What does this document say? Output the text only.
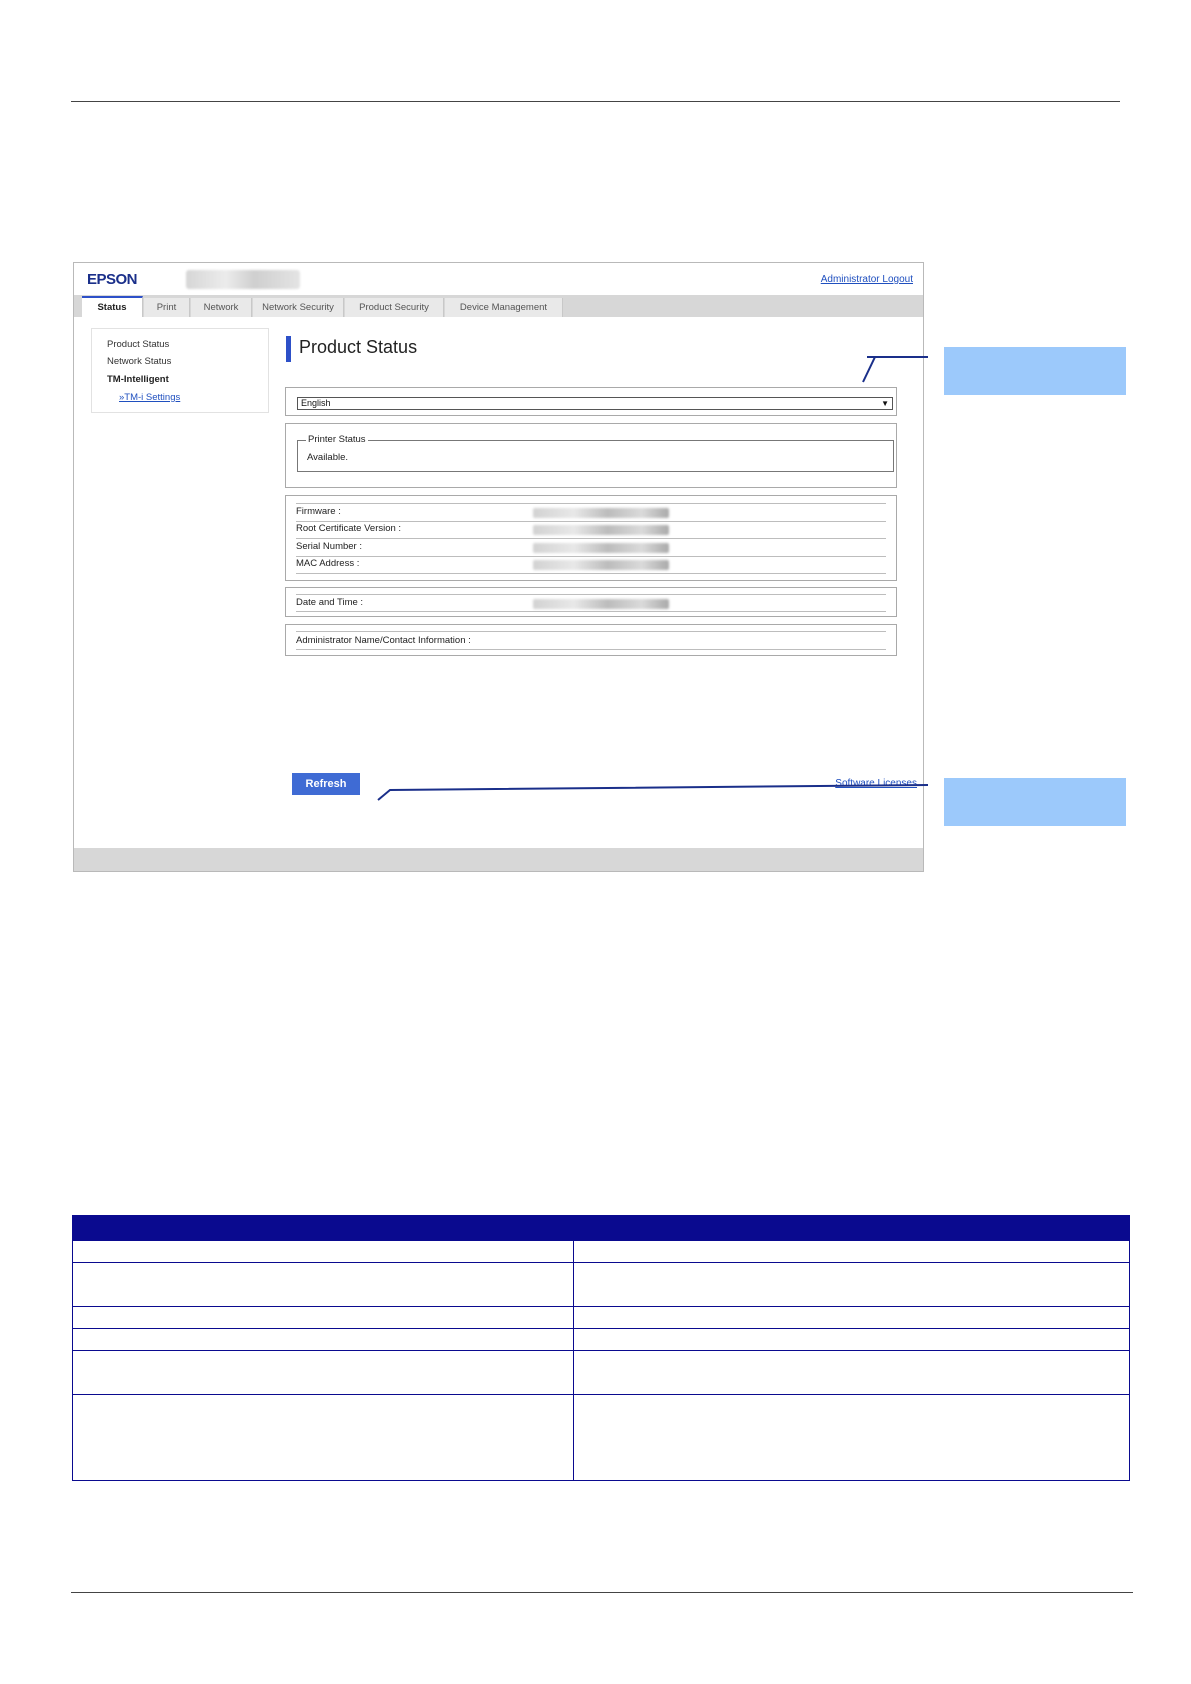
EPSON	Administrator Logout
Status	Print	Network	Network Security	Product Security	Device Management
Product Status
Network Status
TM-Intelligent
»TM-i Settings
Product Status
English	▼
Printer Status
Available.
Firmware :
Root Certificate Version :
Serial Number :
MAC Address :
Date and Time :
Administrator Name/Contact Information :
Refresh	Software Licenses
